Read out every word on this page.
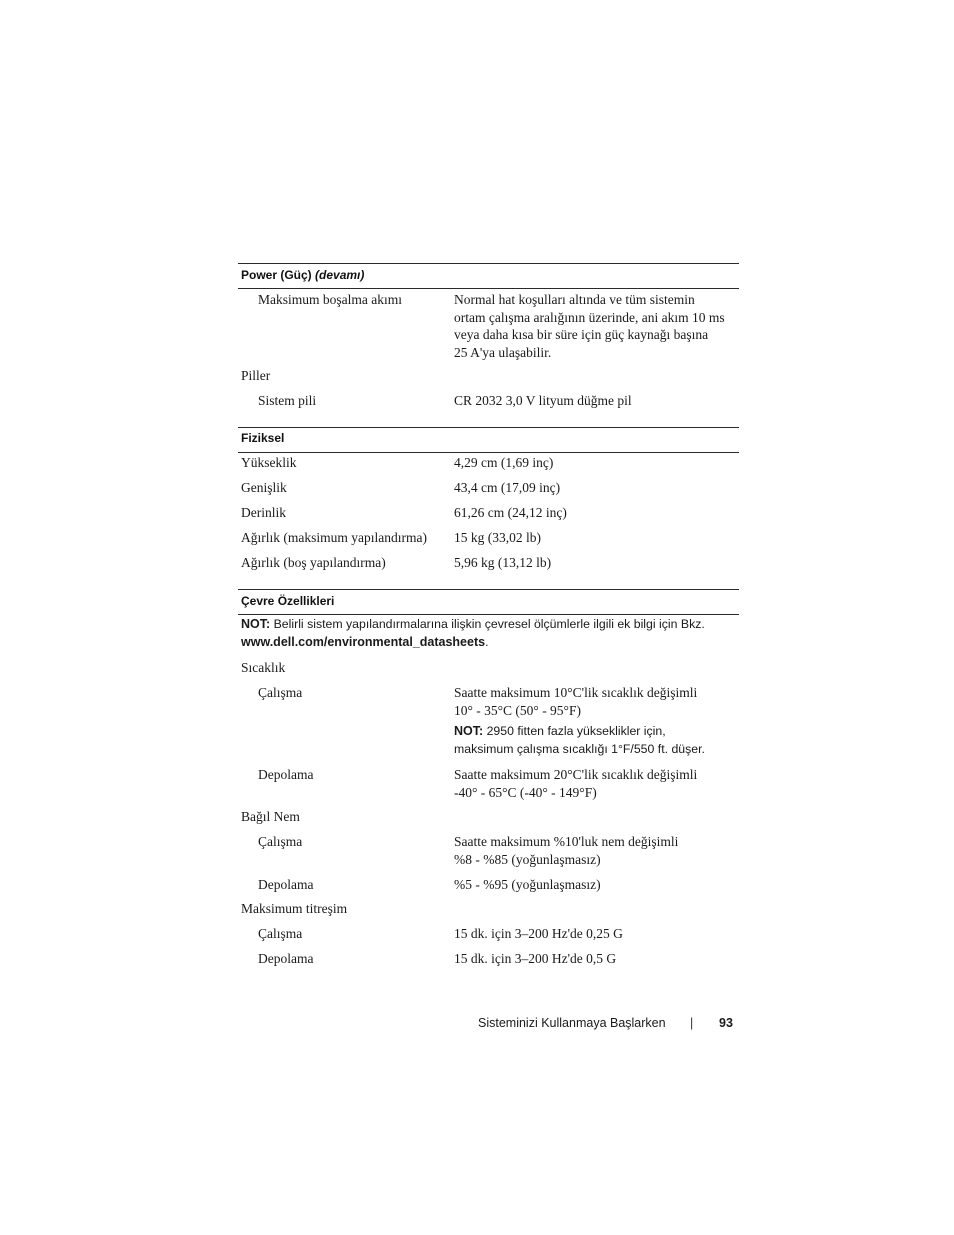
Power (Güç) (devamı)
Maksimum boşalma akımı	Normal hat koşulları altında ve tüm sistemin
ortam çalışma aralığının üzerinde, ani akım 10 ms
veya daha kısa bir süre için güç kaynağı başına
25 A'ya ulaşabilir.
Piller
Sistem pili	CR 2032 3,0 V lityum düğme pil
Fiziksel
Yükseklik	4,29 cm (1,69 inç)
Genişlik	43,4 cm (17,09 inç)
Derinlik	61,26 cm (24,12 inç)
Ağırlık (maksimum yapılandırma) 15 kg (33,02 lb)
Ağırlık (boş yapılandırma)	5,96 kg (13,12 lb)
Çevre Özellikleri
NOT: Belirli sistem yapılandırmalarına ilişkin çevresel ölçümlerle ilgili ek bilgi için Bkz.
www.dell.com/environmental_datasheets.
Sıcaklık
Çalışma	Saatte maksimum 10°C'lik sıcaklık değişimli
10° - 35°C (50° - 95°F)
NOT: 2950 fitten fazla yükseklikler için,
maksimum çalışma sıcaklığı 1°F/550 ft. düşer.
Depolama	Saatte maksimum 20°C'lik sıcaklık değişimli
-40° - 65°C (-40° - 149°F)
Bağıl Nem
Çalışma	Saatte maksimum %10'luk nem değişimli
%8 - %85 (yoğunlaşmasız)
Depolama	%5 - %95 (yoğunlaşmasız)
Maksimum titreşim
Çalışma	15 dk. için 3–200 Hz'de 0,25 G
Depolama	15 dk. için 3–200 Hz'de 0,5 G
Sisteminizi Kullanmaya Başlarken | 93
